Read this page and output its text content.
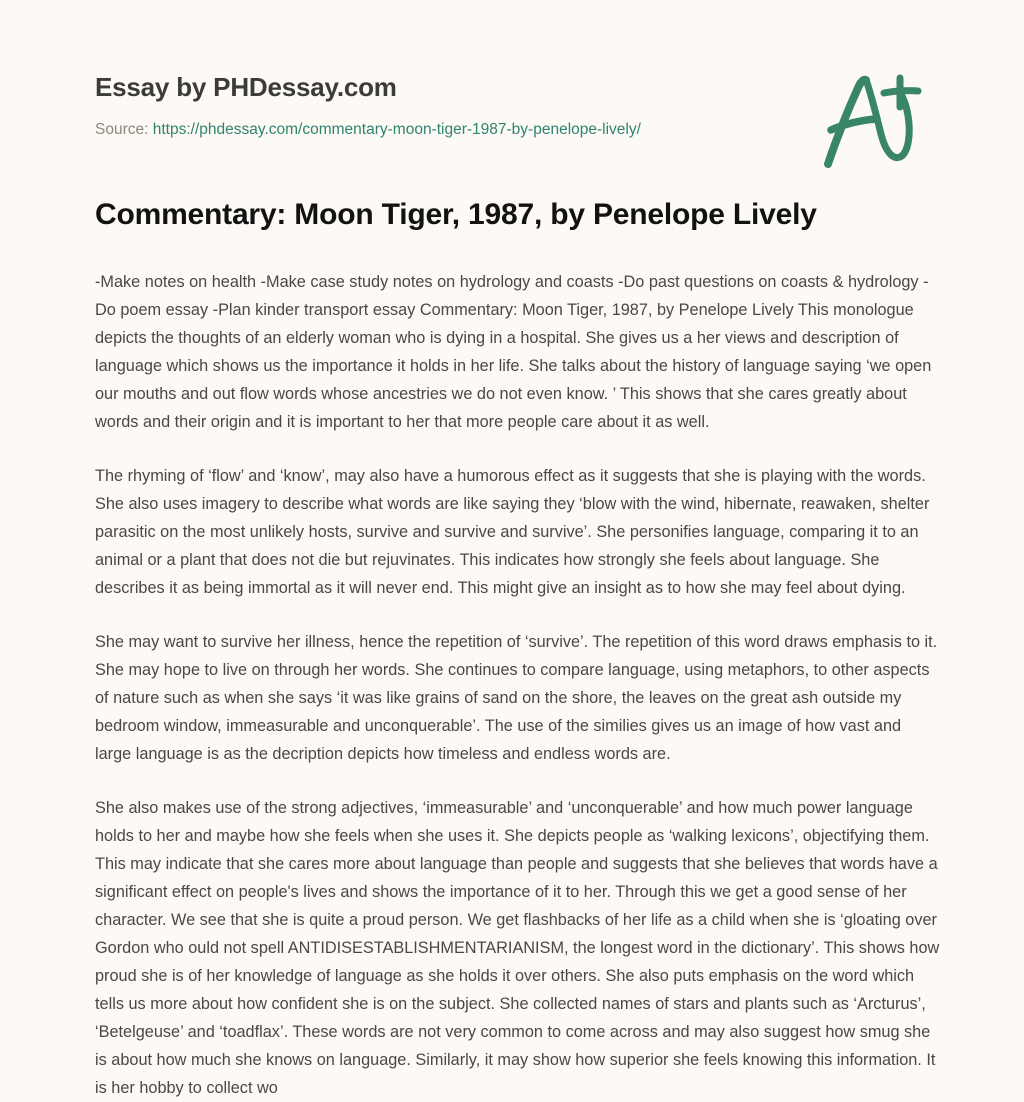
Essay by PHDessay.com
Source: https://phdessay.com/commentary-moon-tiger-1987-by-penelope-lively/
Commentary: Moon Tiger, 1987, by Penelope Lively

-Make notes on health -Make case study notes on hydrology and coasts -Do past questions on coasts & hydrology -Do poem essay -Plan kinder transport essay Commentary: Moon Tiger, 1987, by Penelope Lively This monologue depicts the thoughts of an elderly woman who is dying in a hospital. She gives us a her views and description of language which shows us the importance it holds in her life. She talks about the history of language saying ‘we open our mouths and out flow words whose ancestries we do not even know. ’ This shows that she cares greatly about words and their origin and it is important to her that more people care about it as well.

The rhyming of ‘flow’ and ‘know’, may also have a humorous effect as it suggests that she is playing with the words. She also uses imagery to describe what words are like saying they ‘blow with the wind, hibernate, reawaken, shelter parasitic on the most unlikely hosts, survive and survive and survive’. She personifies language, comparing it to an animal or a plant that does not die but rejuvinates. This indicates how strongly she feels about language. She describes it as being immortal as it will never end. This might give an insight as to how she may feel about dying.

She may want to survive her illness, hence the repetition of ‘survive’. The repetition of this word draws emphasis to it. She may hope to live on through her words. She continues to compare language, using metaphors, to other aspects of nature such as when she says ‘it was like grains of sand on the shore, the leaves on the great ash outside my bedroom window, immeasurable and unconquerable’. The use of the similies gives us an image of how vast and large language is as the decription depicts how timeless and endless words are.

She also makes use of the strong adjectives, ‘immeasurable’ and ‘unconquerable’ and how much power language holds to her and maybe how she feels when she uses it. She depicts people as ‘walking lexicons’, objectifying them. This may indicate that she cares more about language than people and suggests that she believes that words have a significant effect on people's lives and shows the importance of it to her. Through this we get a good sense of her character. We see that she is quite a proud person. We get flashbacks of her life as a child when she is ‘gloating over Gordon who ould not spell ANTIDISESTABLISHMENTARIANISM, the longest word in the dictionary’. This shows how proud she is of her knowledge of language as she holds it over others. She also puts emphasis on the word which tells us more about how confident she is on the subject. She collected names of stars and plants such as ‘Arcturus’, ‘Betelgeuse’ and ‘toadflax’. These words are not very common to come across and may also suggest how smug she is about how much she knows on language. Similarly, it may show how superior she feels knowing this information. It is her hobby to collect wo
